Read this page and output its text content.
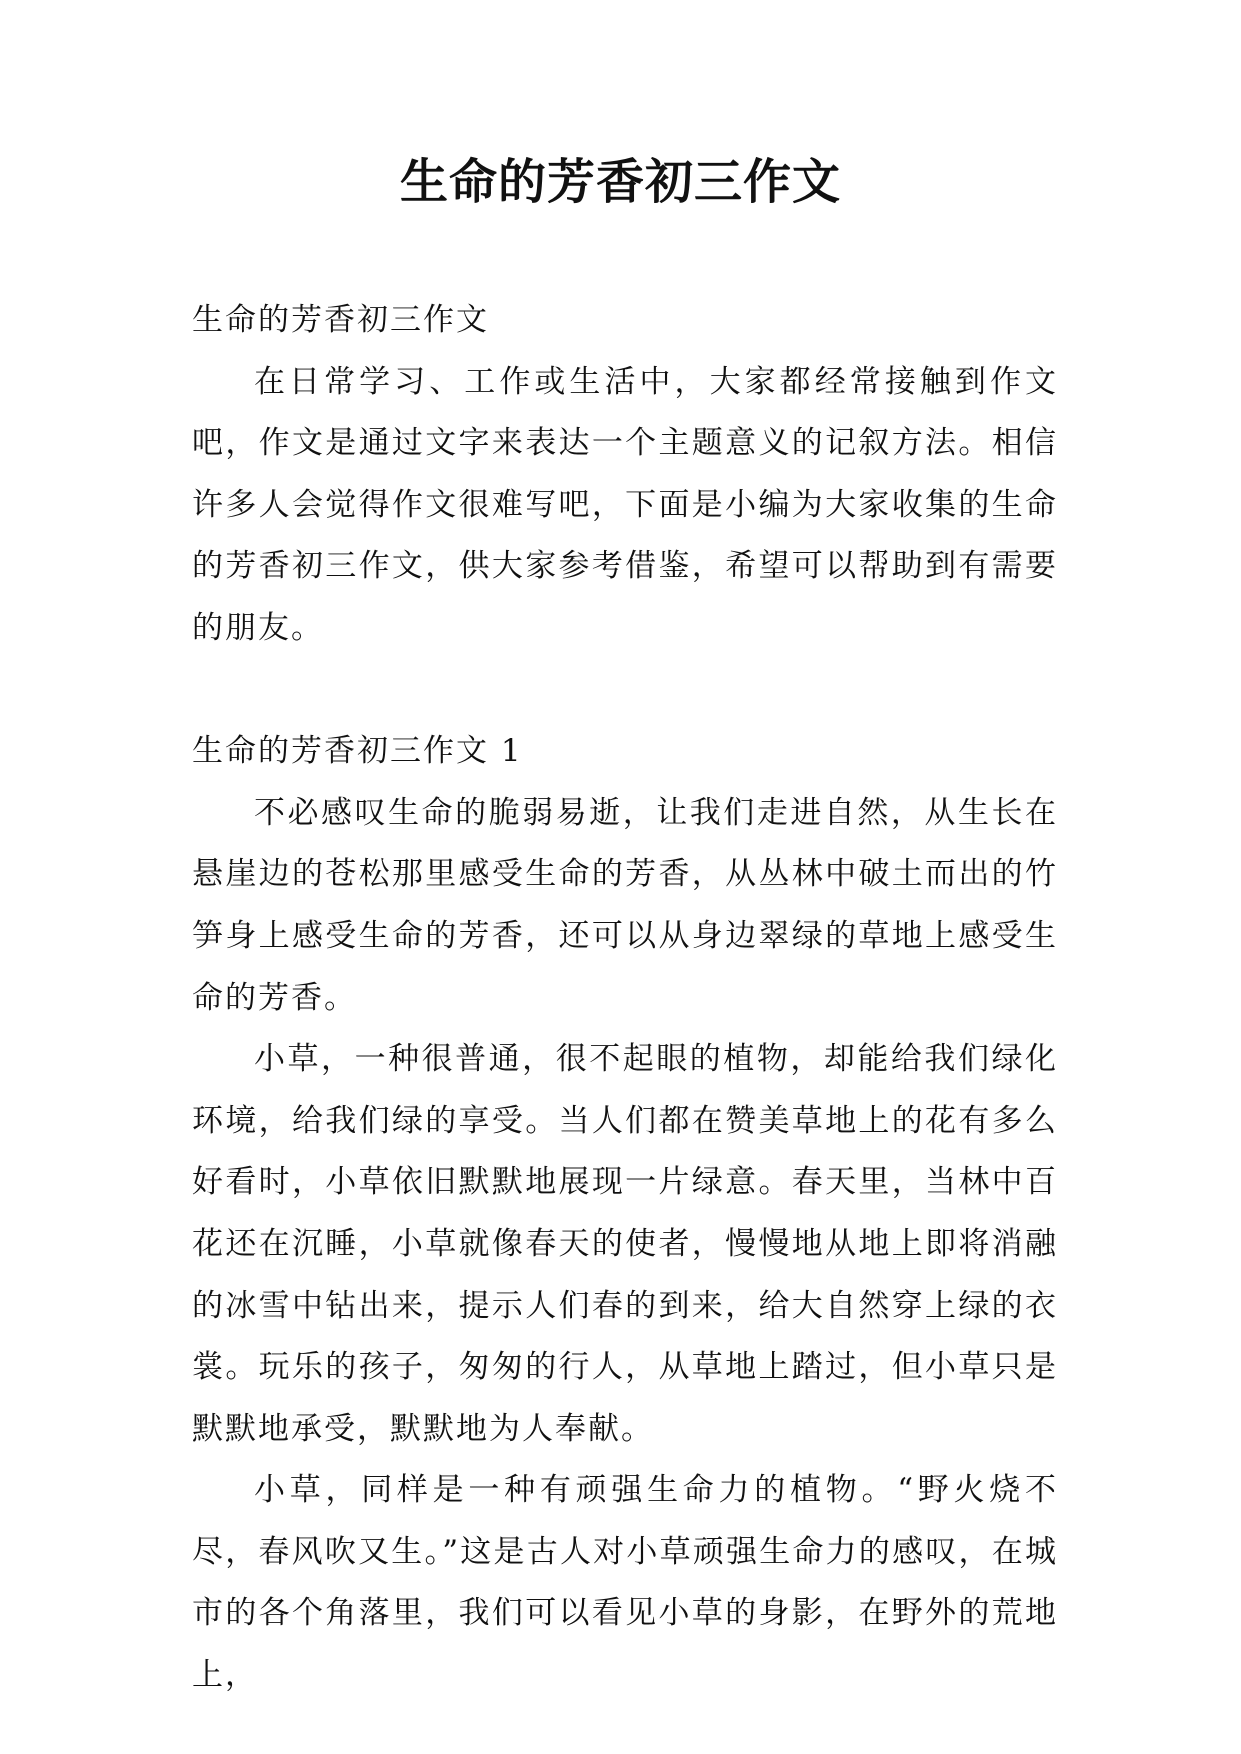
生命的芳香初三作文

生命的芳香初三作文

在日常学习、工作或生活中，大家都经常接触到作文吧，作文是通过文字来表达一个主题意义的记叙方法。相信许多人会觉得作文很难写吧，下面是小编为大家收集的生命的芳香初三作文，供大家参考借鉴，希望可以帮助到有需要的朋友。

生命的芳香初三作文 1

不必感叹生命的脆弱易逝，让我们走进自然，从生长在悬崖边的苍松那里感受生命的芳香，从丛林中破土而出的竹笋身上感受生命的芳香，还可以从身边翠绿的草地上感受生命的芳香。

小草，一种很普通，很不起眼的植物，却能给我们绿化环境，给我们绿的享受。当人们都在赞美草地上的花有多么好看时，小草依旧默默地展现一片绿意。春天里，当林中百花还在沉睡，小草就像春天的使者，慢慢地从地上即将消融的冰雪中钻出来，提示人们春的到来，给大自然穿上绿的衣裳。玩乐的孩子，匆匆的行人，从草地上踏过，但小草只是默默地承受，默默地为人奉献。

小草，同样是一种有顽强生命力的植物。“野火烧不尽，春风吹又生。”这是古人对小草顽强生命力的感叹，在城市的各个角落里，我们可以看见小草的身影，在野外的荒地上，
